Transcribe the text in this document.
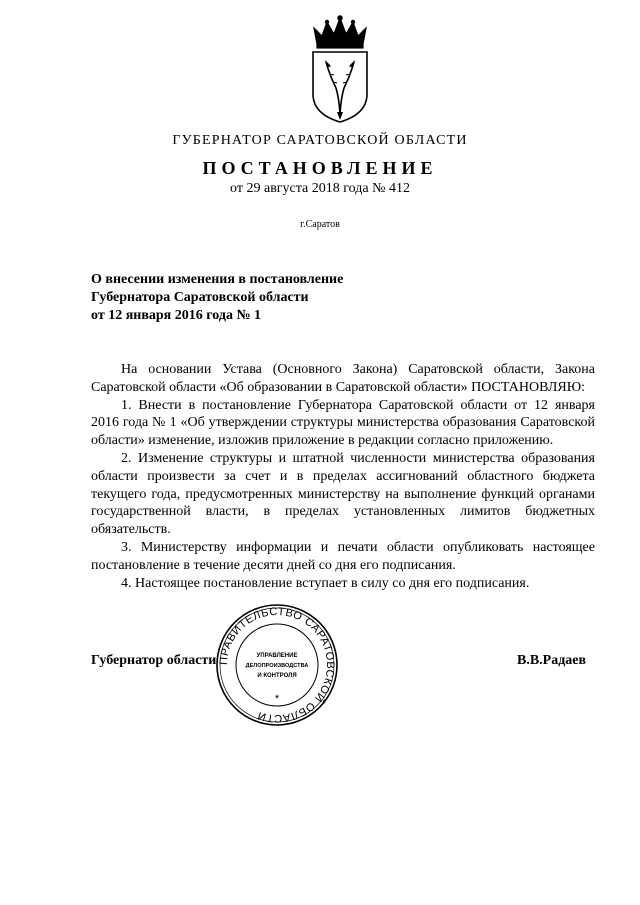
ГУБЕРНАТОР САРАТОВСКОЙ ОБЛАСТИ
ПОСТАНОВЛЕНИЕ
от 29 августа 2018 года № 412
г.Саратов
О внесении изменения в постановление
Губернатора Саратовской области
от 12 января 2016 года № 1

На основании Устава (Основного Закона) Саратовской области, Закона Саратовской области «Об образовании в Саратовской области» ПОСТАНОВЛЯЮ:

1. Внести в постановление Губернатора Саратовской области от 12 января 2016 года № 1 «Об утверждении структуры министерства образования Саратовской области» изменение, изложив приложение в редакции согласно приложению.

2. Изменение структуры и штатной численности министерства образования области произвести за счет и в пределах ассигнований областного бюджета текущего года, предусмотренных министерству на выполнение функций органами государственной власти, в пределах установленных лимитов бюджетных обязательств.

3. Министерству информации и печати области опубликовать настоящее постановление в течение десяти дней со дня его подписания.

4. Настоящее постановление вступает в силу со дня его подписания.

Губернатор области	В.В.Радаев
ПРАВИТЕЛЬСТВО САРАТОВСКОЙ ОБЛАСТИ
УПРАВЛЕНИЕ
ДЕЛОПРОИЗВОДСТВА
И КОНТРОЛЯ
*
